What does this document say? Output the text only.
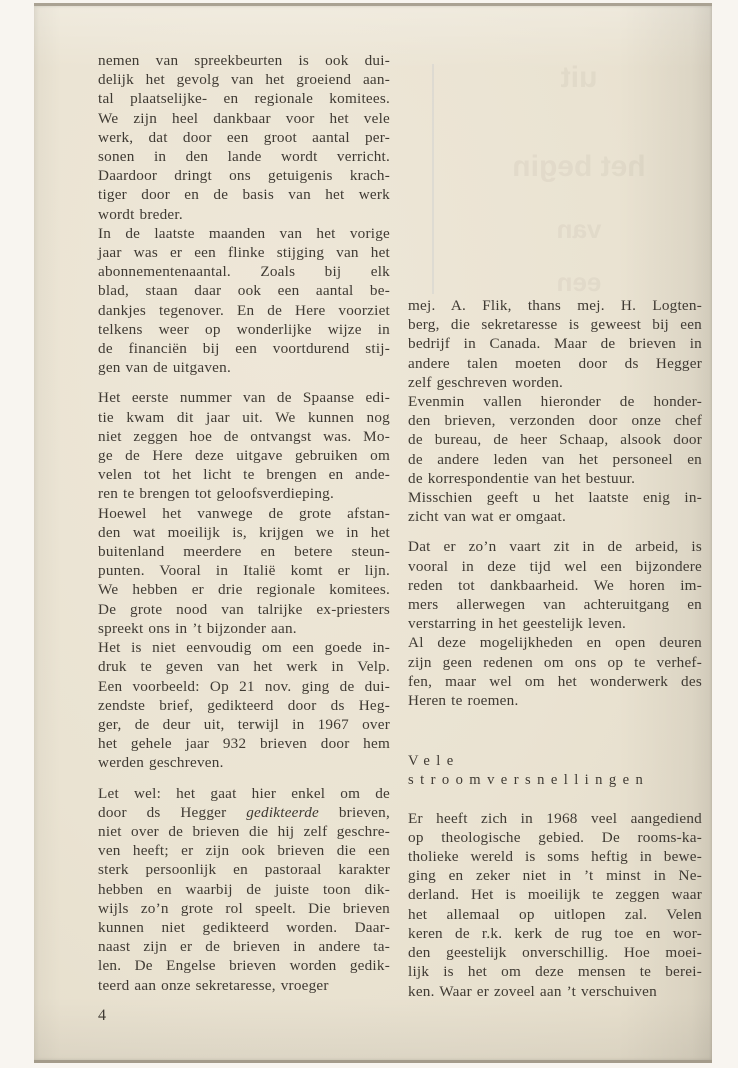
uit
het begin
van
een
nemen van spreekbeurten is ook dui-
delijk het gevolg van het groeiend aan-
tal plaatselijke- en regionale komitees.
We zijn heel dankbaar voor het vele
werk, dat door een groot aantal per-
sonen in den lande wordt verricht.
Daardoor dringt ons getuigenis krach-
tiger door en de basis van het werk
wordt breder.
In de laatste maanden van het vorige
jaar was er een flinke stijging van het
abonnementenaantal. Zoals bij elk
blad, staan daar ook een aantal be-
dankjes tegenover. En de Here voorziet
telkens weer op wonderlijke wijze in
de financiën bij een voortdurend stij-
gen van de uitgaven.
Het eerste nummer van de Spaanse edi-
tie kwam dit jaar uit. We kunnen nog
niet zeggen hoe de ontvangst was. Mo-
ge de Here deze uitgave gebruiken om
velen tot het licht te brengen en ande-
ren te brengen tot geloofsverdieping.
Hoewel het vanwege de grote afstan-
den wat moeilijk is, krijgen we in het
buitenland meerdere en betere steun-
punten. Vooral in Italië komt er lijn.
We hebben er drie regionale komitees.
De grote nood van talrijke ex-priesters
spreekt ons in ’t bijzonder aan.
Het is niet eenvoudig om een goede in-
druk te geven van het werk in Velp.
Een voorbeeld: Op 21 nov. ging de dui-
zendste brief, gedikteerd door ds Heg-
ger, de deur uit, terwijl in 1967 over
het gehele jaar 932 brieven door hem
werden geschreven.
Let wel: het gaat hier enkel om de
door ds Hegger gedikteerde brieven,
niet over de brieven die hij zelf geschre-
ven heeft; er zijn ook brieven die een
sterk persoonlijk en pastoraal karakter
hebben en waarbij de juiste toon dik-
wijls zo’n grote rol speelt. Die brieven
kunnen niet gedikteerd worden. Daar-
naast zijn er de brieven in andere ta-
len. De Engelse brieven worden gedik-
teerd aan onze sekretaresse, vroeger
4
mej. A. Flik, thans mej. H. Logten-
berg, die sekretaresse is geweest bij een
bedrijf in Canada. Maar de brieven in
andere talen moeten door ds Hegger
zelf geschreven worden.
Evenmin vallen hieronder de honder-
den brieven, verzonden door onze chef
de bureau, de heer Schaap, alsook door
de andere leden van het personeel en
de korrespondentie van het bestuur.
Misschien geeft u het laatste enig in-
zicht van wat er omgaat.
Dat er zo’n vaart zit in de arbeid, is
vooral in deze tijd wel een bijzondere
reden tot dankbaarheid. We horen im-
mers allerwegen van achteruitgang en
verstarring in het geestelijk leven.
Al deze mogelijkheden en open deuren
zijn geen redenen om ons op te verhef-
fen, maar wel om het wonderwerk des
Heren te roemen.
Vele stroomversnellingen
Er heeft zich in 1968 veel aangediend
op theologische gebied. De rooms-ka-
tholieke wereld is soms heftig in bewe-
ging en zeker niet in ’t minst in Ne-
derland. Het is moeilijk te zeggen waar
het allemaal op uitlopen zal. Velen
keren de r.k. kerk de rug toe en wor-
den geestelijk onverschillig. Hoe moei-
lijk is het om deze mensen te berei-
ken. Waar er zoveel aan ’t verschuiven
